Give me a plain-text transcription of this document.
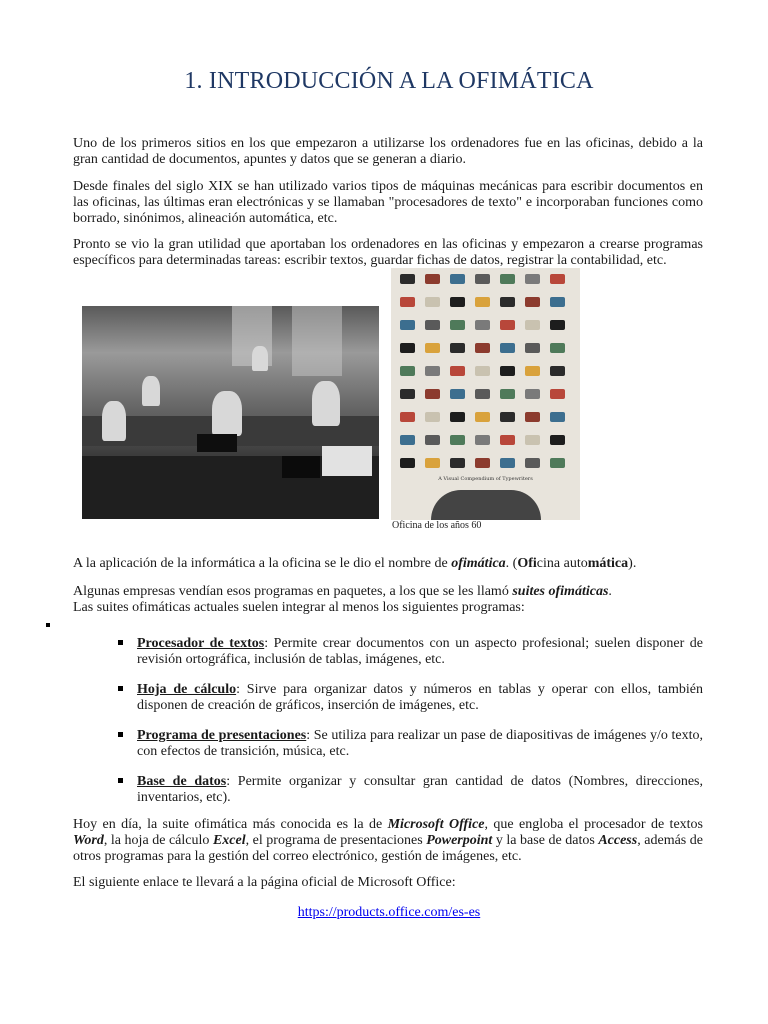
1. INTRODUCCIÓN A LA OFIMÁTICA

Uno de los primeros sitios en los que empezaron a utilizarse los ordenadores fue en las oficinas, debido a la gran cantidad de documentos, apuntes y datos que se generan a diario.

Desde finales del siglo XIX se han utilizado varios tipos de máquinas mecánicas para escribir documentos en las oficinas, las últimas eran electrónicas y se llamaban "procesadores de texto" e incorporaban funciones como borrado, sinónimos, alineación automática, etc.

Pronto se vio la gran utilidad que aportaban los ordenadores en las oficinas y empezaron a crearse programas específicos para determinadas tareas: escribir textos, guardar fichas de datos, registrar la contabilidad, etc.

A Visual Compendium of Typewriters
Oficina de los años 60

A la aplicación de la informática a la oficina se le dio el nombre de ofimática. (Oficina automática).

Algunas empresas vendían esos programas en paquetes, a los que se les llamó suites ofimáticas.
Las suites ofimáticas actuales suelen integrar al menos los siguientes programas:

Procesador de textos: Permite crear documentos con un aspecto profesional; suelen disponer de revisión ortográfica, inclusión de tablas, imágenes, etc.

Hoja de cálculo: Sirve para organizar datos y números en tablas y operar con ellos, también disponen de creación de gráficos, inserción de imágenes, etc.

Programa de presentaciones: Se utiliza para realizar un pase de diapositivas de imágenes y/o texto, con efectos de transición, música, etc.

Base de datos: Permite organizar y consultar gran cantidad de datos (Nombres, direcciones, inventarios, etc).

Hoy en día, la suite ofimática más conocida es la de Microsoft Office, que engloba el procesador de textos Word, la hoja de cálculo Excel, el programa de presentaciones Powerpoint y la base de datos Access, además de otros programas para la gestión del correo electrónico, gestión de imágenes, etc.

El siguiente enlace te llevará a la página oficial de Microsoft Office:

https://products.office.com/es-es
